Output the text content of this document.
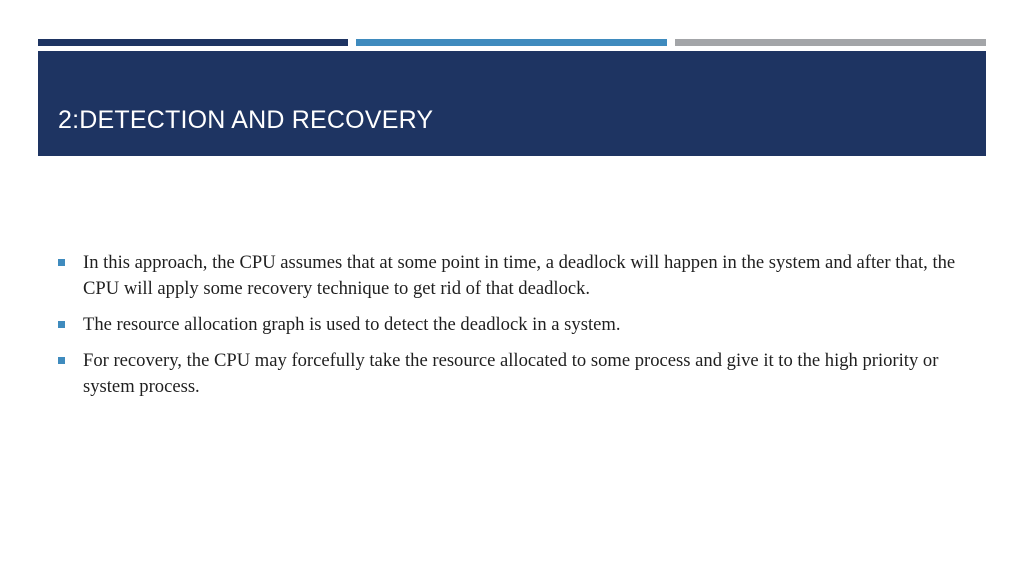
2:DETECTION AND RECOVERY
In this approach, the CPU assumes that at some point in time, a deadlock will happen in the system and after that, the CPU will apply some recovery technique to get rid of that deadlock.
The resource allocation graph is used to detect the deadlock in a system.
For recovery, the CPU may forcefully take the resource allocated to some process and give it to the high priority or system process.
